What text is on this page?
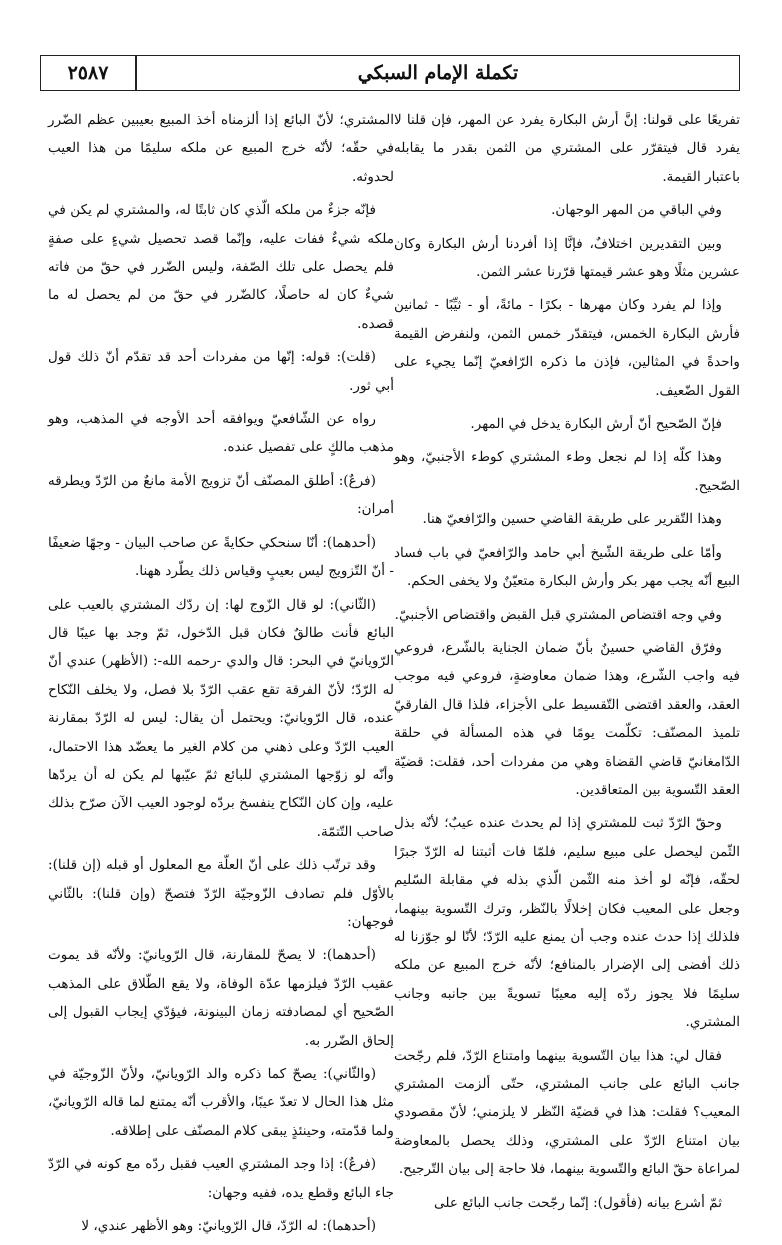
تكملة الإمام السبكي
٢٥٨٧

تفريعًا على قولنا: إنَّ أرش البكارة يفرد عن المهر، فإن قلنا لا يفرد قال فيتقرّر على المشتري من الثمن بقدر ما يقابله باعتبار القيمة.

وفي الباقي من المهر الوجهان.

وبين التقديرين اختلافٌ، فإنَّا إذا أفردنا أرش البكارة وكان عشرين مثلًا وهو عشر قيمتها قرّرنا عشر الثمن.

وإذا لم يفرد وكان مهرها - بكرًا - مائةً، أو - ثيِّبًا - ثمانين فأرش البكارة الخمس، فيتقدّر خمس الثمن، ولنفرض القيمة واحدةً في المثالين، فإذن ما ذكره الرّافعيّ إنّما يجيء على القول الضّعيف.

فإنّ الصّحيح أنّ أرش البكارة يدخل في المهر.

وهذا كلّه إذا لم نجعل وطء المشتري كوطء الأجنبيّ، وهو الصّحيح.

وهذا التّقرير على طريقة القاضي حسين والرّافعيّ هنا.

وأمّا على طريقة الشّيخ أبي حامد والرّافعيّ في باب فساد البيع أنّه يجب مهر بكر وأرش البكارة متعيّنٌ ولا يخفى الحكم.

وفي وجه اقتضاص المشتري قبل القبض واقتضاص الأجنبيّ.

وفرّق القاضي حسينٌ بأنّ ضمان الجناية بالشّرع، فروعي فيه واجب الشّرع، وهذا ضمان معاوضةٍ، فروعي فيه موجب العقد، والعقد اقتضى التّقسيط على الأجزاء، فلذا قال الفارقيّ تلميذ المصنّف: تكلّمت يومًا في هذه المسألة في حلقة الدّامغانيّ قاضي القضاة وهي من مفردات أحد، فقلت: قضيّة العقد التّسوية بين المتعاقدين.

وحقّ الرّدّ ثبت للمشتري إذا لم يحدث عنده عيبٌ؛ لأنّه بذل الثّمن ليحصل على مبيع سليم، فلمّا فات أثبتنا له الرّدّ جبرًا لحقّه، فإنّه لو أخذ منه الثّمن الّذي بذله في مقابلة السّليم وجعل على المعيب فكان إخلالًا بالنّظر، وترك التّسوية بينهما، فلذلك إذا حدث عنده وجب أن يمنع عليه الرّدّ؛ لأنّا لو جوّزنا له ذلك أفضى إلى الإضرار بالمنافع؛ لأنّه خرج المبيع عن ملكه سليمًا فلا يجوز ردّه إليه معيبًا تسويةً بين جانبه وجانب المشتري.

فقال لي: هذا بيان التّسوية بينهما وامتناع الرّدّ، فلم رجّحت جانب البائع على جانب المشتري، حتّى ألزمت المشتري المعيب؟ فقلت: هذا في قضيّة النّظر لا يلزمني؛ لأنّ مقصودي بيان امتناع الرّدّ على المشتري، وذلك يحصل بالمعاوضة لمراعاة حقّ البائع والتّسوية بينهما، فلا حاجة إلى بيان التّرجيح.

ثمّ أشرع بيانه (فأقول): إنّما رجّحت جانب البائع على

المشتري؛ لأنّ البائع إذا ألزمناه أخذ المبيع بعيبين عظم الضّرر في حقّه؛ لأنّه خرج المبيع عن ملكه سليمًا من هذا العيب لحدوثه.

فإنّه جزءٌ من ملكه الّذي كان ثابتًا له، والمشتري لم يكن في ملكه شيءٌ ففات عليه، وإنّما قصد تحصيل شيءٍ على صفةٍ فلم يحصل على تلك الصّفة، وليس الضّرر في حقّ من فاته شيءٌ كان له حاصلًا، كالضّرر في حقّ من لم يحصل له ما قصده.

(قلت): قوله: إنّها من مفردات أحد قد تقدّم أنّ ذلك قول أبي ثور.

رواه عن الشّافعيّ ويوافقه أحد الأوجه في المذهب، وهو مذهب مالكٍ على تفصيل عنده.

(فرعٌ): أطلق المصنّف أنّ تزويج الأمة مانعٌ من الرّدّ ويطرقه أمران:

(أحدهما): أنّا سنحكي حكايةً عن صاحب البيان - وجهًا ضعيفًا - أنّ التّزويج ليس بعيبٍ وقياس ذلك يطّرد ههنا.

(الثّاني): لو قال الزّوج لها: إن ردّك المشتري بالعيب على البائع فأنت طالقٌ فكان قبل الدّخول، ثمّ وجد بها عيبًا قال الرّويانيّ في البحر: قال والدي -رحمه الله-: (الأظهر) عندي أنّ له الرّدّ؛ لأنّ الفرقة تقع عقب الرّدّ بلا فصل، ولا يخلف النّكاح عنده، قال الرّويانيّ: ويحتمل أن يقال: ليس له الرّدّ بمقارنة العيب الرّدّ وعلى ذهني من كلام الغير ما يعضّد هذا الاحتمال، وأنّه لو زوّجها المشتري للبائع ثمّ عيّبها لم يكن له أن يردّها عليه، وإن كان النّكاح ينفسخ بردّه لوجود العيب الآن صرّح بذلك صاحب التّتمّة.

وقد ترتّب ذلك على أنّ العلّة مع المعلول أو قبله (إن قلنا): بالأوّل فلم تصادف الزّوجيّة الرّدّ فتصحّ (وإن قلنا): بالثّاني فوجهان:

(أحدهما): لا يصحّ للمقارنة، قال الرّويانيّ: ولأنّه قد يموت عقيب الرّدّ فيلزمها عدّة الوفاة، ولا يقع الطّلاق على المذهب الصّحيح أي لمصادفته زمان البينونة، فيؤدّي إيجاب القبول إلى إلحاق الضّرر به.

(والثّاني): يصحّ كما ذكره والد الرّويانيّ، ولأنّ الزّوجيّة في مثل هذا الحال لا تعدّ عيبًا، والأقرب أنّه يمتنع لما قاله الرّويانيّ، ولما قدّمته، وحينئذٍ يبقى كلام المصنّف على إطلاقه.

(فرعٌ): إذا وجد المشتري العيب فقبل ردّه مع كونه في الرّدّ جاء البائع وقطع يده، ففيه وجهان:

(أحدهما): له الرّدّ، قال الرّويانيّ: وهو الأظهر عندي، لا
